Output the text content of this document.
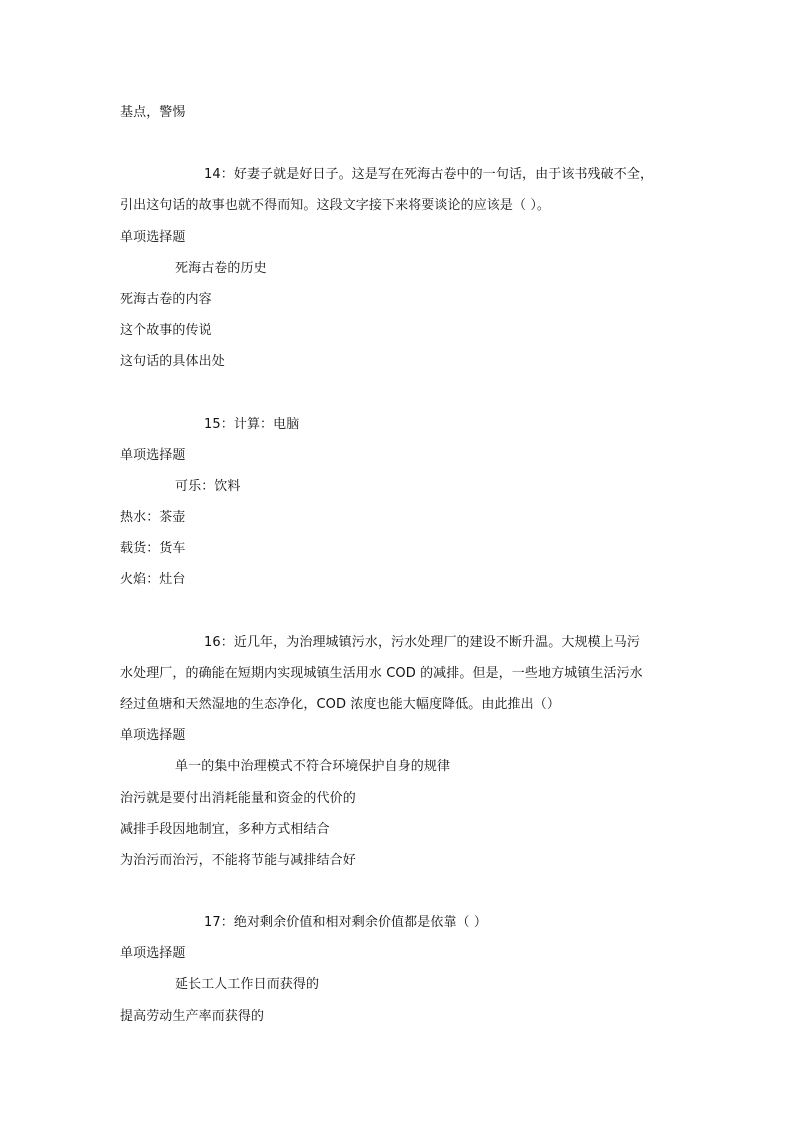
基点，警惕
14：好妻子就是好日子。这是写在死海古卷中的一句话，由于该书残破不全，
引出这句话的故事也就不得而知。这段文字接下来将要谈论的应该是（ ）。
单项选择题
死海古卷的历史
死海古卷的内容
这个故事的传说
这句话的具体出处
15：计算：电脑
单项选择题
可乐：饮料
热水：茶壶
载货：货车
火焰：灶台
16：近几年，为治理城镇污水，污水处理厂的建设不断升温。大规模上马污
水处理厂，的确能在短期内实现城镇生活用水 COD 的减排。但是，一些地方城镇生活污水
经过鱼塘和天然湿地的生态净化，COD 浓度也能大幅度降低。由此推出（）
单项选择题
单一的集中治理模式不符合环境保护自身的规律
治污就是要付出消耗能量和资金的代价的
减排手段因地制宜，多种方式相结合
为治污而治污，不能将节能与减排结合好
17：绝对剩余价值和相对剩余价值都是依靠（ ）
单项选择题
延长工人工作日而获得的
提高劳动生产率而获得的
